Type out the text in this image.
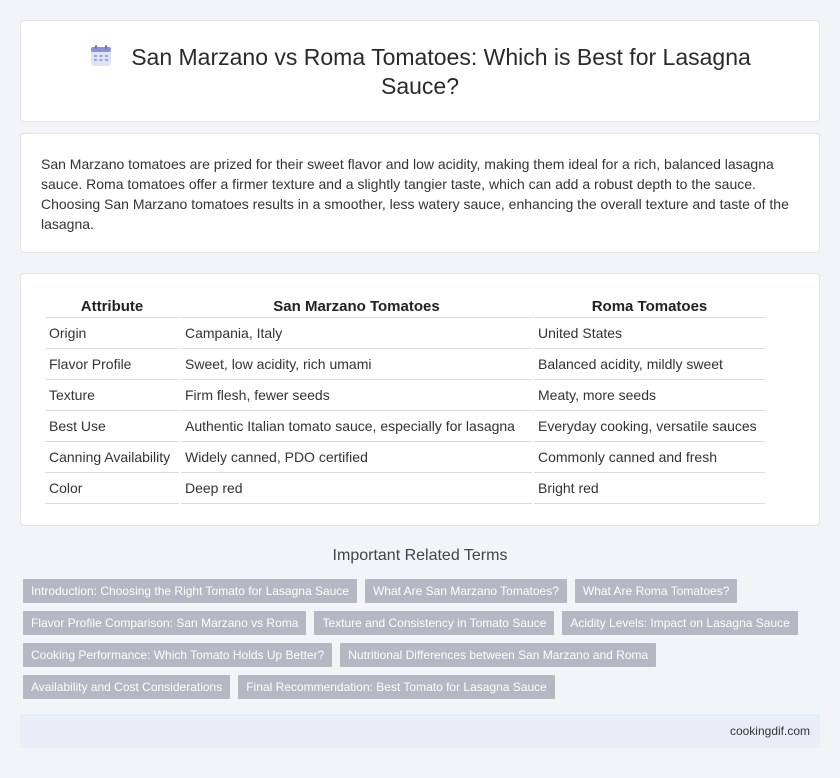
San Marzano vs Roma Tomatoes: Which is Best for Lasagna Sauce?

San Marzano tomatoes are prized for their sweet flavor and low acidity, making them ideal for a rich, balanced lasagna sauce. Roma tomatoes offer a firmer texture and a slightly tangier taste, which can add a robust depth to the sauce. Choosing San Marzano tomatoes results in a smoother, less watery sauce, enhancing the overall texture and taste of the lasagna.

Attribute	San Marzano Tomatoes	Roma Tomatoes
Origin	Campania, Italy	United States
Flavor Profile	Sweet, low acidity, rich umami	Balanced acidity, mildly sweet
Texture	Firm flesh, fewer seeds	Meaty, more seeds
Best Use	Authentic Italian tomato sauce, especially for lasagna	Everyday cooking, versatile sauces
Canning Availability	Widely canned, PDO certified	Commonly canned and fresh
Color	Deep red	Bright red
Important Related Terms
Introduction: Choosing the Right Tomato for Lasagna Sauce	What Are San Marzano Tomatoes?	What Are Roma Tomatoes?
Flavor Profile Comparison: San Marzano vs Roma	Texture and Consistency in Tomato Sauce	Acidity Levels: Impact on Lasagna Sauce
Cooking Performance: Which Tomato Holds Up Better?	Nutritional Differences between San Marzano and Roma
Availability and Cost Considerations	Final Recommendation: Best Tomato for Lasagna Sauce
cookingdif.com
